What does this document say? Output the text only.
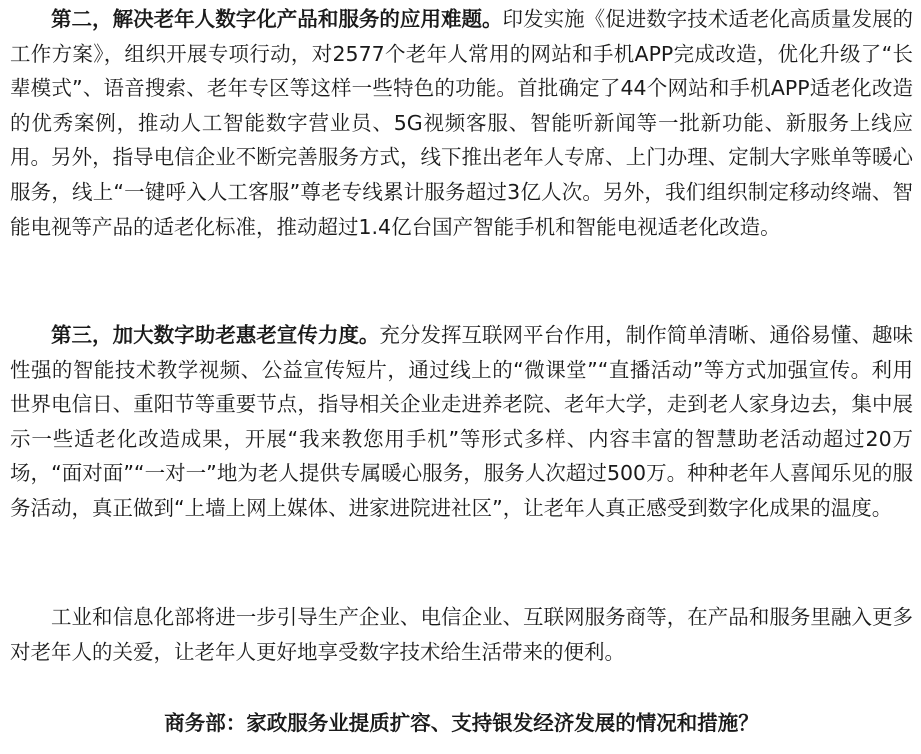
第二，解决老年人数字化产品和服务的应用难题。印发实施《促进数字技术适老化高质量发展的工作方案》，组织开展专项行动，对2577个老年人常用的网站和手机APP完成改造，优化升级了“长辈模式”、语音搜索、老年专区等这样一些特色的功能。首批确定了44个网站和手机APP适老化改造的优秀案例，推动人工智能数字营业员、5G视频客服、智能听新闻等一批新功能、新服务上线应用。另外，指导电信企业不断完善服务方式，线下推出老年人专席、上门办理、定制大字账单等暖心服务，线上“一键呼入人工客服”尊老专线累计服务超过3亿人次。另外，我们组织制定移动终端、智能电视等产品的适老化标准，推动超过1.4亿台国产智能手机和智能电视适老化改造。

第三，加大数字助老惠老宣传力度。充分发挥互联网平台作用，制作简单清晰、通俗易懂、趣味性强的智能技术教学视频、公益宣传短片，通过线上的“微课堂”“直播活动”等方式加强宣传。利用世界电信日、重阳节等重要节点，指导相关企业走进养老院、老年大学，走到老人家身边去，集中展示一些适老化改造成果，开展“我来教您用手机”等形式多样、内容丰富的智慧助老活动超过20万场，“面对面”“一对一”地为老人提供专属暖心服务，服务人次超过500万。种种老年人喜闻乐见的服务活动，真正做到“上墙上网上媒体、进家进院进社区”，让老年人真正感受到数字化成果的温度。

工业和信息化部将进一步引导生产企业、电信企业、互联网服务商等，在产品和服务里融入更多对老年人的关爱，让老年人更好地享受数字技术给生活带来的便利。

商务部：家政服务业提质扩容、支持银发经济发展的情况和措施？
